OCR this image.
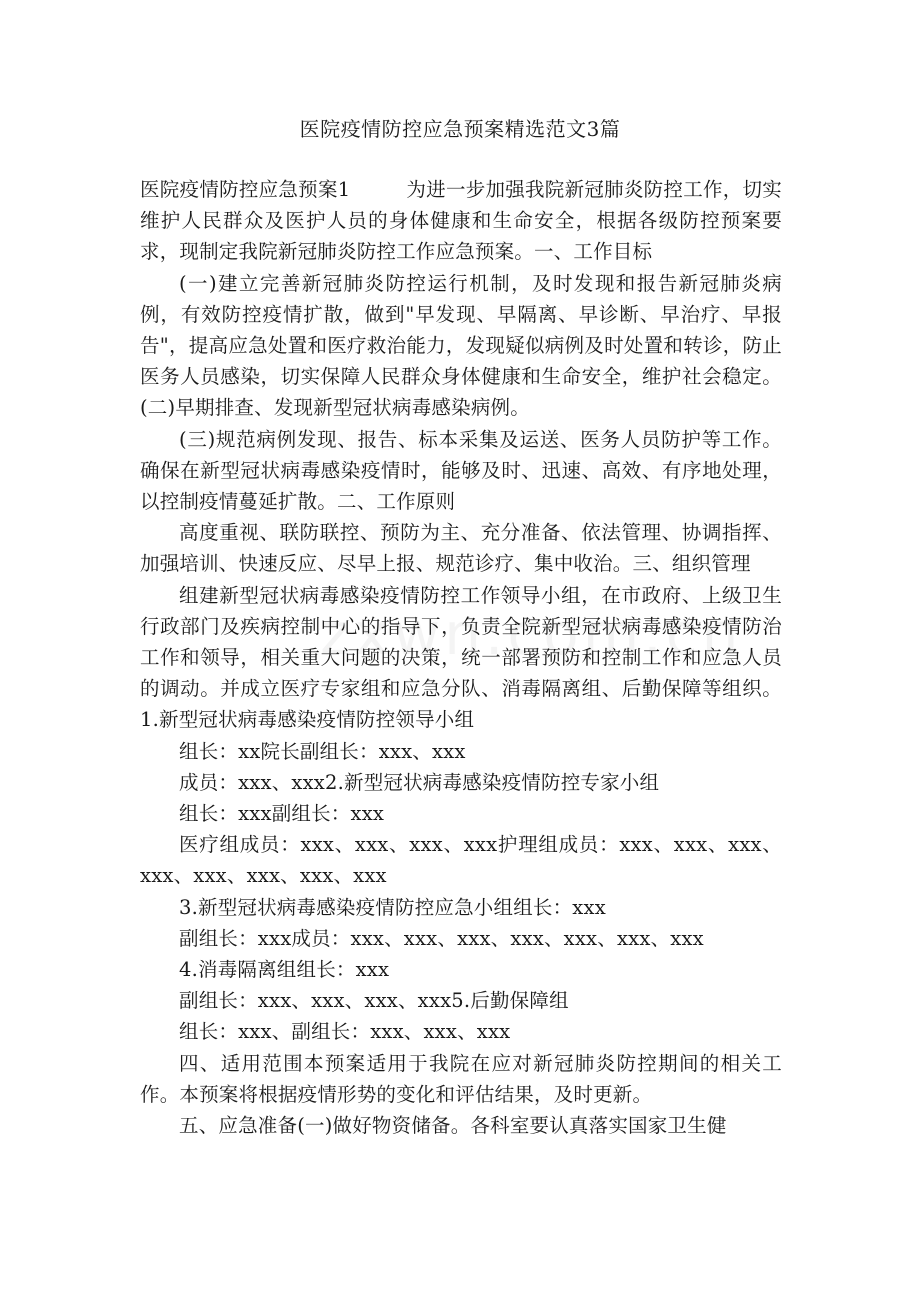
医院疫情防控应急预案精选范文3篇

医院疫情防控应急预案1	为进一步加强我院新冠肺炎防控工作，切实维护人民群众及医护人员的身体健康和生命安全，根据各级防控预案要求，现制定我院新冠肺炎防控工作应急预案。一、工作目标

(一)建立完善新冠肺炎防控运行机制，及时发现和报告新冠肺炎病例，有效防控疫情扩散，做到"早发现、早隔离、早诊断、早治疗、早报告"，提高应急处置和医疗救治能力，发现疑似病例及时处置和转诊，防止医务人员感染，切实保障人民群众身体健康和生命安全，维护社会稳定。(二)早期排查、发现新型冠状病毒感染病例。

(三)规范病例发现、报告、标本采集及运送、医务人员防护等工作。确保在新型冠状病毒感染疫情时，能够及时、迅速、高效、有序地处理，以控制疫情蔓延扩散。二、工作原则

高度重视、联防联控、预防为主、充分准备、依法管理、协调指挥、加强培训、快速反应、尽早上报、规范诊疗、集中收治。三、组织管理

组建新型冠状病毒感染疫情防控工作领导小组，在市政府、上级卫生行政部门及疾病控制中心的指导下，负责全院新型冠状病毒感染疫情防治工作和领导，相关重大问题的决策，统一部署预防和控制工作和应急人员的调动。并成立医疗专家组和应急分队、消毒隔离组、后勤保障等组织。1.新型冠状病毒感染疫情防控领导小组

组长：xx院长副组长：xxx、xxx

成员：xxx、xxx2.新型冠状病毒感染疫情防控专家小组

组长：xxx副组长：xxx

医疗组成员：xxx、xxx、xxx、xxx护理组成员：xxx、xxx、xxx、xxx、xxx、xxx、xxx、xxx

3.新型冠状病毒感染疫情防控应急小组组长：xxx

副组长：xxx成员：xxx、xxx、xxx、xxx、xxx、xxx、xxx

4.消毒隔离组组长：xxx

副组长：xxx、xxx、xxx、xxx5.后勤保障组

组长：xxx、副组长：xxx、xxx、xxx

四、适用范围本预案适用于我院在应对新冠肺炎防控期间的相关工作。本预案将根据疫情形势的变化和评估结果，及时更新。

五、应急准备(一)做好物资储备。各科室要认真落实国家卫生健
